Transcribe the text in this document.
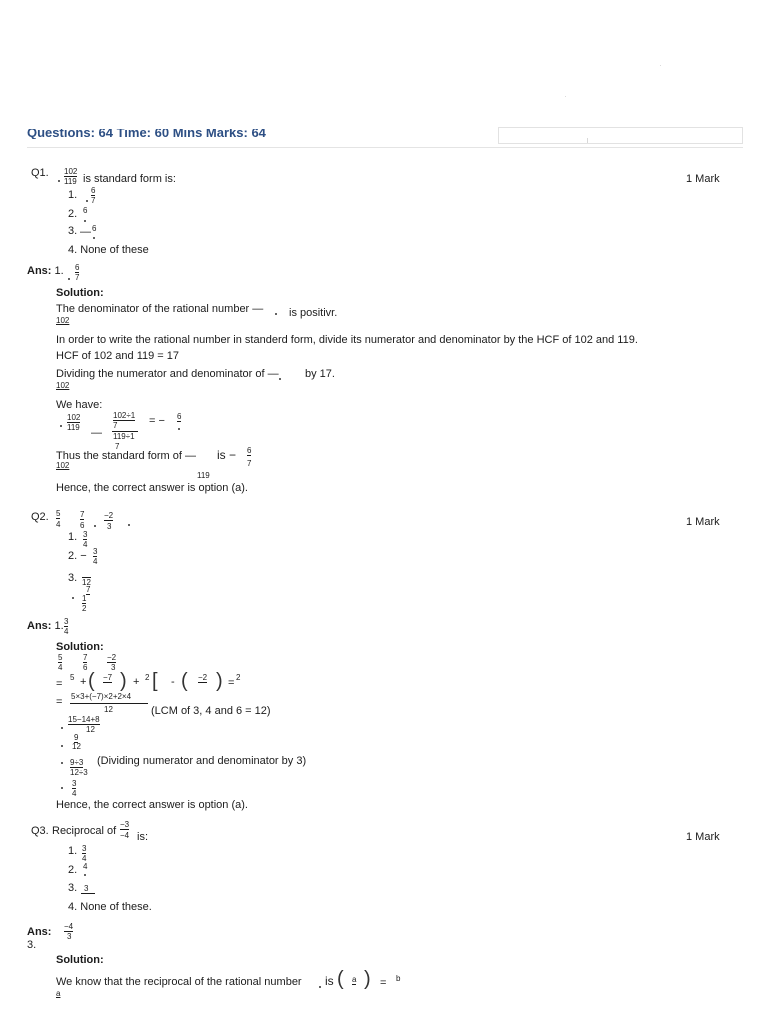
Questions: 64 Time: 60 Mins Marks: 64
Q1. 102
119 is standard form is:	1 Mark
1. 6
7
2. 6
3. — 6
4. None of these
Ans: 1. 6
7
Solution:
The denominator of the rational number — is positivr.
102
In order to write the rational number in standerd form, divide its numerator and denominator by the HCF of 102 and 119.
HCF of 102 and 119 = 17
Dividing the numerator and denominator of — by 17.
102
We have:
102
119 —
102÷1
7
119÷1
7
= − 6
Thus the standard form of — is − 6
7
102
119
Hence, the correct answer is option (a).
Q2. 5
4
7
6
−2
3	1 Mark
1. 3
4
2. − 3
4
3. 12
7
1
2
Ans: 1. 3
4
Solution:
5
4
7
6
−2
3
=
5 + ( −7 ) + 2 [ - ( −2 ) = 2
5×3+(−7)×2+2×4
=
12
15−14+8
(LCM of 3, 4 and 6 = 12)
12
9
12
9÷3 (Dividing numerator and denominator by 3)
12÷3
3
4
Hence, the correct answer is option (a).
Q3. Reciprocal of
−3
−4 is:	1 Mark
1. 3
4
2. 4
3. 3
4. None of these.
Ans: −4
3
3.
Solution:
We know that the reciprocal of the rational number is ( a ) = b
a
